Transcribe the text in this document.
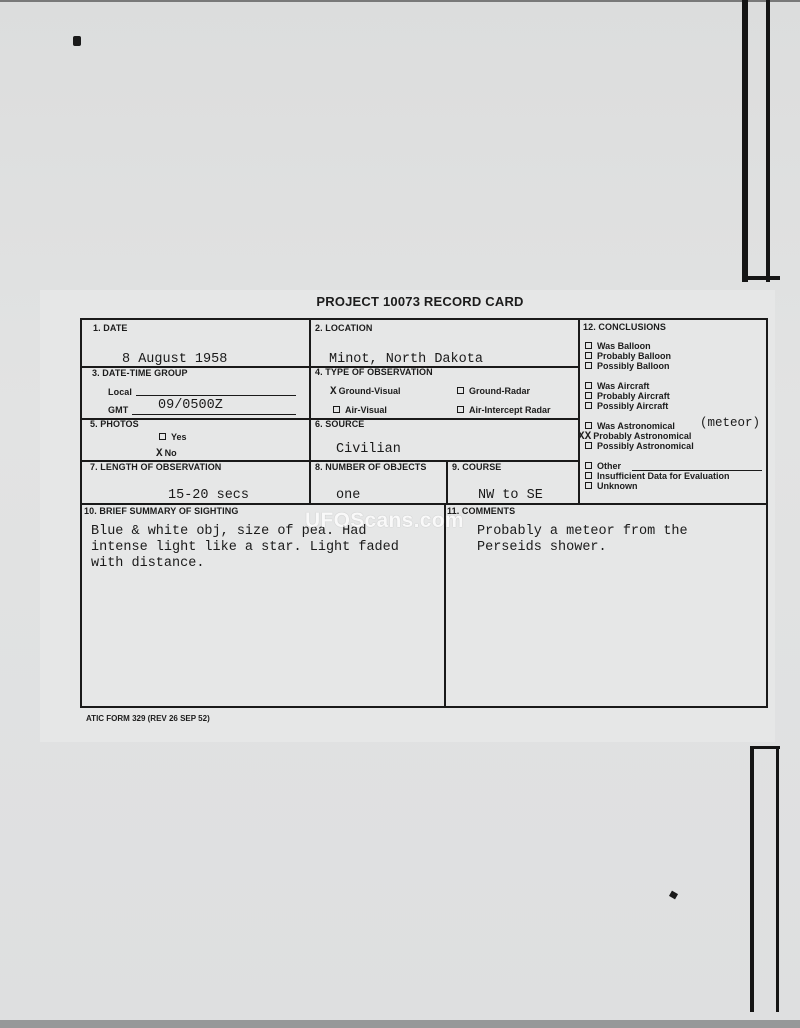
PROJECT 10073 RECORD CARD
1. DATE
8 August 1958
2. LOCATION
Minot, North Dakota
12. CONCLUSIONS
3. DATE-TIME GROUP
Local
GMT 09/0500Z
4. TYPE OF OBSERVATION
X Ground-Visual	Ground-Radar
Air-Visual	Air-Intercept Radar
5. PHOTOS
Yes
X No
6. SOURCE
Civilian
7. LENGTH OF OBSERVATION
15-20 secs
8. NUMBER OF OBJECTS
one
9. COURSE
NW to SE
Was Balloon
Probably Balloon
Possibly Balloon
Was Aircraft
Probably Aircraft
Possibly Aircraft
Was Astronomical (meteor)
XX Probably Astronomical
Possibly Astronomical
Other
Insufficient Data for Evaluation
Unknown
10. BRIEF SUMMARY OF SIGHTING
Blue & white obj, size of pea. Had
intense light like a star. Light faded
with distance.
11. COMMENTS
Probably a meteor from the
Perseids shower.
ATIC FORM 329 (REV 26 SEP 52)
UFOScans.com
